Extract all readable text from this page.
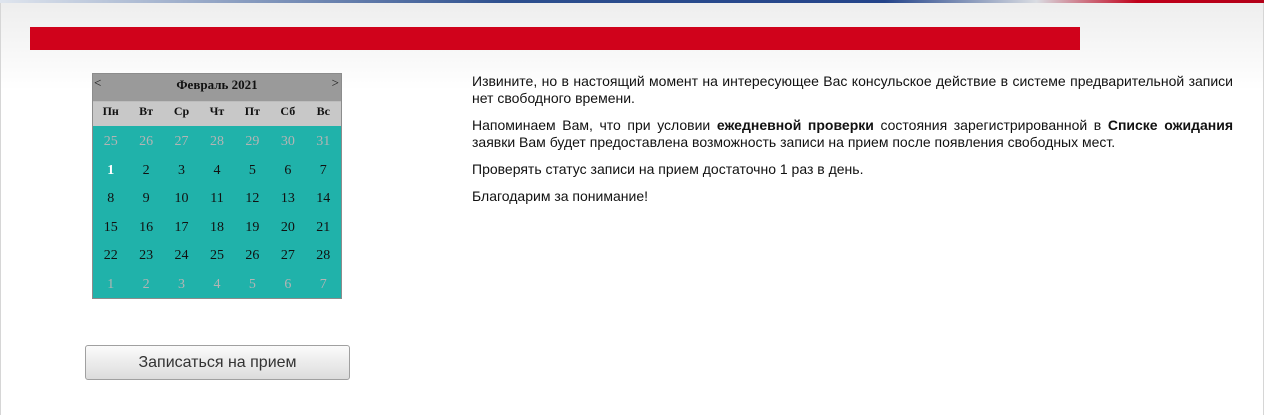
<	Февраль 2021	>
Пн	Вт	Ср	Чт	Пт	Сб	Вс
25	26	27	28	29	30	31
1	2	3	4	5	6	7
8	9	10	11	12	13	14
15	16	17	18	19	20	21
22	23	24	25	26	27	28
1	2	3	4	5	6	7
Записаться на прием

Извините, но в настоящий момент на интересующее Вас консульское действие в системе предварительной записи нет свободного времени.

Напоминаем Вам, что при условии ежедневной проверки состояния зарегистрированной в Списке ожидания заявки Вам будет предоставлена возможность записи на прием после появления свободных мест.

Проверять статус записи на прием достаточно 1 раз в день.

Благодарим за понимание!
